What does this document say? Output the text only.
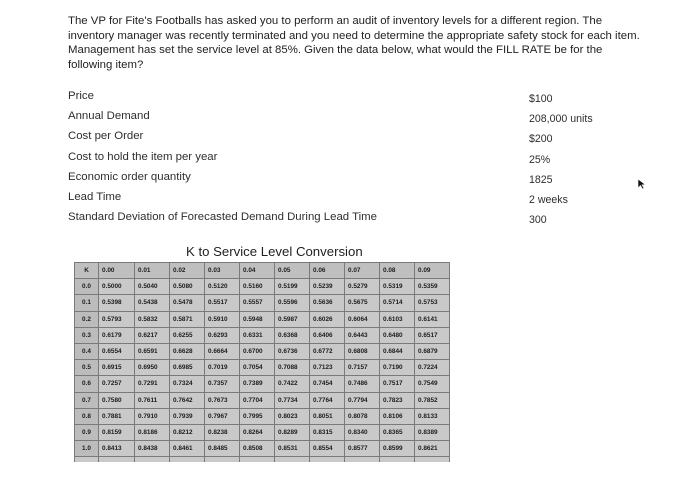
The VP for Fite's Footballs has asked you to perform an audit of inventory levels for a different region. The

inventory manager was recently terminated and you need to determine the appropriate safety stock for each item.

Management has set the service level at 85%. Given the data below, what would the FILL RATE be for the

following item?

Price	$100
Annual Demand	208,000 units
Cost per Order	$200
Cost to hold the item per year	25%
Economic order quantity	1825
Lead Time	2 weeks
Standard Deviation of Forecasted Demand During Lead Time	300
K to Service Level Conversion
K	0.00	0.01	0.02	0.03	0.04	0.05	0.06	0.07	0.08	0.09
0.0	0.5000	0.5040	0.5080	0.5120	0.5160	0.5199	0.5239	0.5279	0.5319	0.5359
0.1	0.5398	0.5438	0.5478	0.5517	0.5557	0.5596	0.5636	0.5675	0.5714	0.5753
0.2	0.5793	0.5832	0.5871	0.5910	0.5948	0.5987	0.6026	0.6064	0.6103	0.6141
0.3	0.6179	0.6217	0.6255	0.6293	0.6331	0.6368	0.6406	0.6443	0.6480	0.6517
0.4	0.6554	0.6591	0.6628	0.6664	0.6700	0.6736	0.6772	0.6808	0.6844	0.6879
0.5	0.6915	0.6950	0.6985	0.7019	0.7054	0.7088	0.7123	0.7157	0.7190	0.7224
0.6	0.7257	0.7291	0.7324	0.7357	0.7389	0.7422	0.7454	0.7486	0.7517	0.7549
0.7	0.7580	0.7611	0.7642	0.7673	0.7704	0.7734	0.7764	0.7794	0.7823	0.7852
0.8	0.7881	0.7910	0.7939	0.7967	0.7995	0.8023	0.8051	0.8078	0.8106	0.8133
0.9	0.8159	0.8186	0.8212	0.8238	0.8264	0.8289	0.8315	0.8340	0.8365	0.8389
1.0	0.8413	0.8438	0.8461	0.8485	0.8508	0.8531	0.8554	0.8577	0.8599	0.8621
